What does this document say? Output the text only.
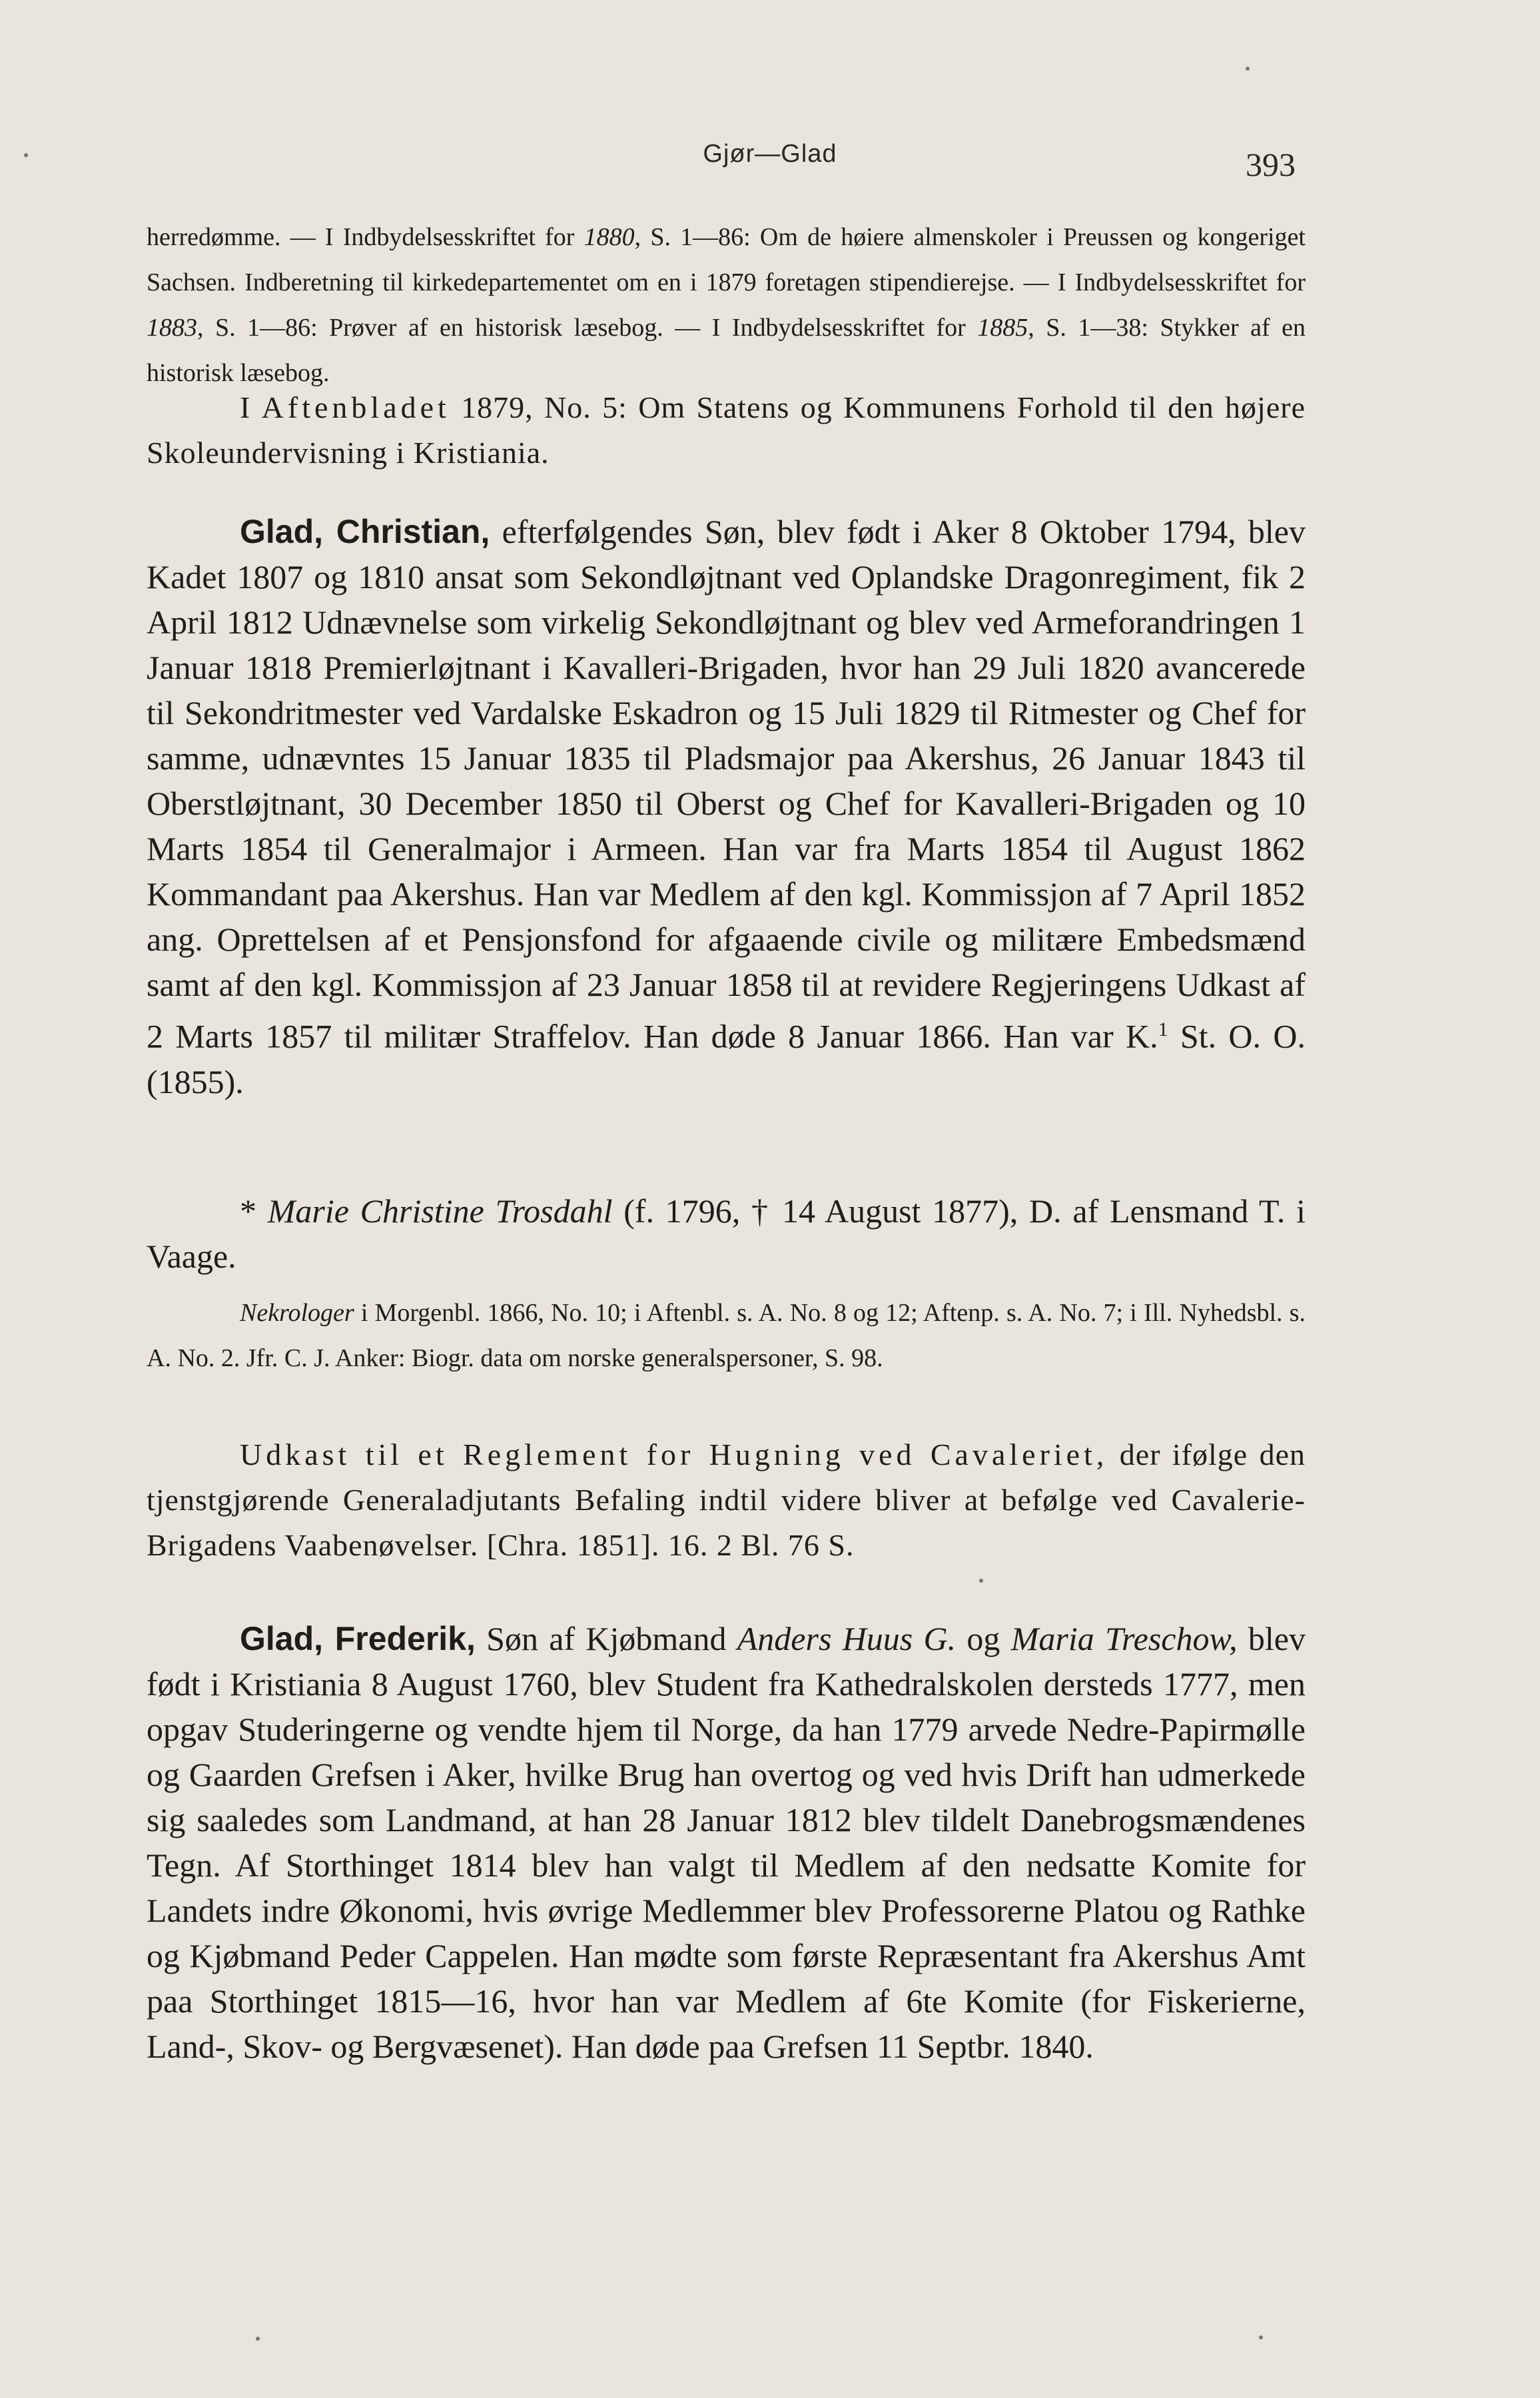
Gjør—Glad	393
herredømme. — I Indbydelsesskriftet for 1880, S. 1—86: Om de høiere almenskoler i Preussen og kongeriget Sachsen. Indberetning til kirkedepartementet om en i 1879 foretagen stipendierejse. — I Indbydelsesskriftet for 1883, S. 1—86: Prøver af en historisk læsebog. — I Indbydelsesskriftet for 1885, S. 1—38: Stykker af en historisk læsebog.
I Aftenbladet 1879, No. 5: Om Statens og Kommunens Forhold til den højere Skoleundervisning i Kristiania.
Glad, Christian, efterfølgendes Søn, blev født i Aker 8 Oktober 1794, blev Kadet 1807 og 1810 ansat som Sekondløjtnant ved Oplandske Dragonregiment, fik 2 April 1812 Udnævnelse som virkelig Sekondløjtnant og blev ved Armeforandringen 1 Januar 1818 Premierløjtnant i Kavalleri-Brigaden, hvor han 29 Juli 1820 avancerede til Sekondritmester ved Vardalske Eskadron og 15 Juli 1829 til Ritmester og Chef for samme, udnævntes 15 Januar 1835 til Pladsmajor paa Akershus, 26 Januar 1843 til Oberstløjtnant, 30 December 1850 til Oberst og Chef for Kavalleri-Brigaden og 10 Marts 1854 til Generalmajor i Armeen. Han var fra Marts 1854 til August 1862 Kommandant paa Akershus. Han var Medlem af den kgl. Kommissjon af 7 April 1852 ang. Oprettelsen af et Pensjonsfond for afgaaende civile og militære Embedsmænd samt af den kgl. Kommissjon af 23 Januar 1858 til at revidere Regjeringens Udkast af 2 Marts 1857 til militær Straffelov. Han døde 8 Januar 1866. Han var K.$^1$ St. O. O. (1855).
* Marie Christine Trosdahl (f. 1796, † 14 August 1877), D. af Lensmand T. i Vaage.
Nekrologer i Morgenbl. 1866, No. 10; i Aftenbl. s. A. No. 8 og 12; Aftenp. s. A. No. 7; i Ill. Nyhedsbl. s. A. No. 2. Jfr. C. J. Anker: Biogr. data om norske generalspersoner, S. 98.
Udkast til et Reglement for Hugning ved Cavaleriet, der ifølge den tjenstgjørende Generaladjutants Befaling indtil videre bliver at befølge ved Cavalerie-Brigadens Vaabenøvelser. [Chra. 1851]. 16. 2 Bl. 76 S.
Glad, Frederik, Søn af Kjøbmand Anders Huus G. og Maria Treschow, blev født i Kristiania 8 August 1760, blev Student fra Kathedralskolen dersteds 1777, men opgav Studeringerne og vendte hjem til Norge, da han 1779 arvede Nedre-Papirmølle og Gaarden Grefsen i Aker, hvilke Brug han overtog og ved hvis Drift han udmerkede sig saaledes som Landmand, at han 28 Januar 1812 blev tildelt Danebrogsmændenes Tegn. Af Storthinget 1814 blev han valgt til Medlem af den nedsatte Komite for Landets indre Økonomi, hvis øvrige Medlemmer blev Professorerne Platou og Rathke og Kjøbmand Peder Cappelen. Han mødte som første Repræsentant fra Akershus Amt paa Storthinget 1815—16, hvor han var Medlem af 6te Komite (for Fiskerierne, Land-, Skov- og Bergvæsenet). Han døde paa Grefsen 11 Septbr. 1840.
